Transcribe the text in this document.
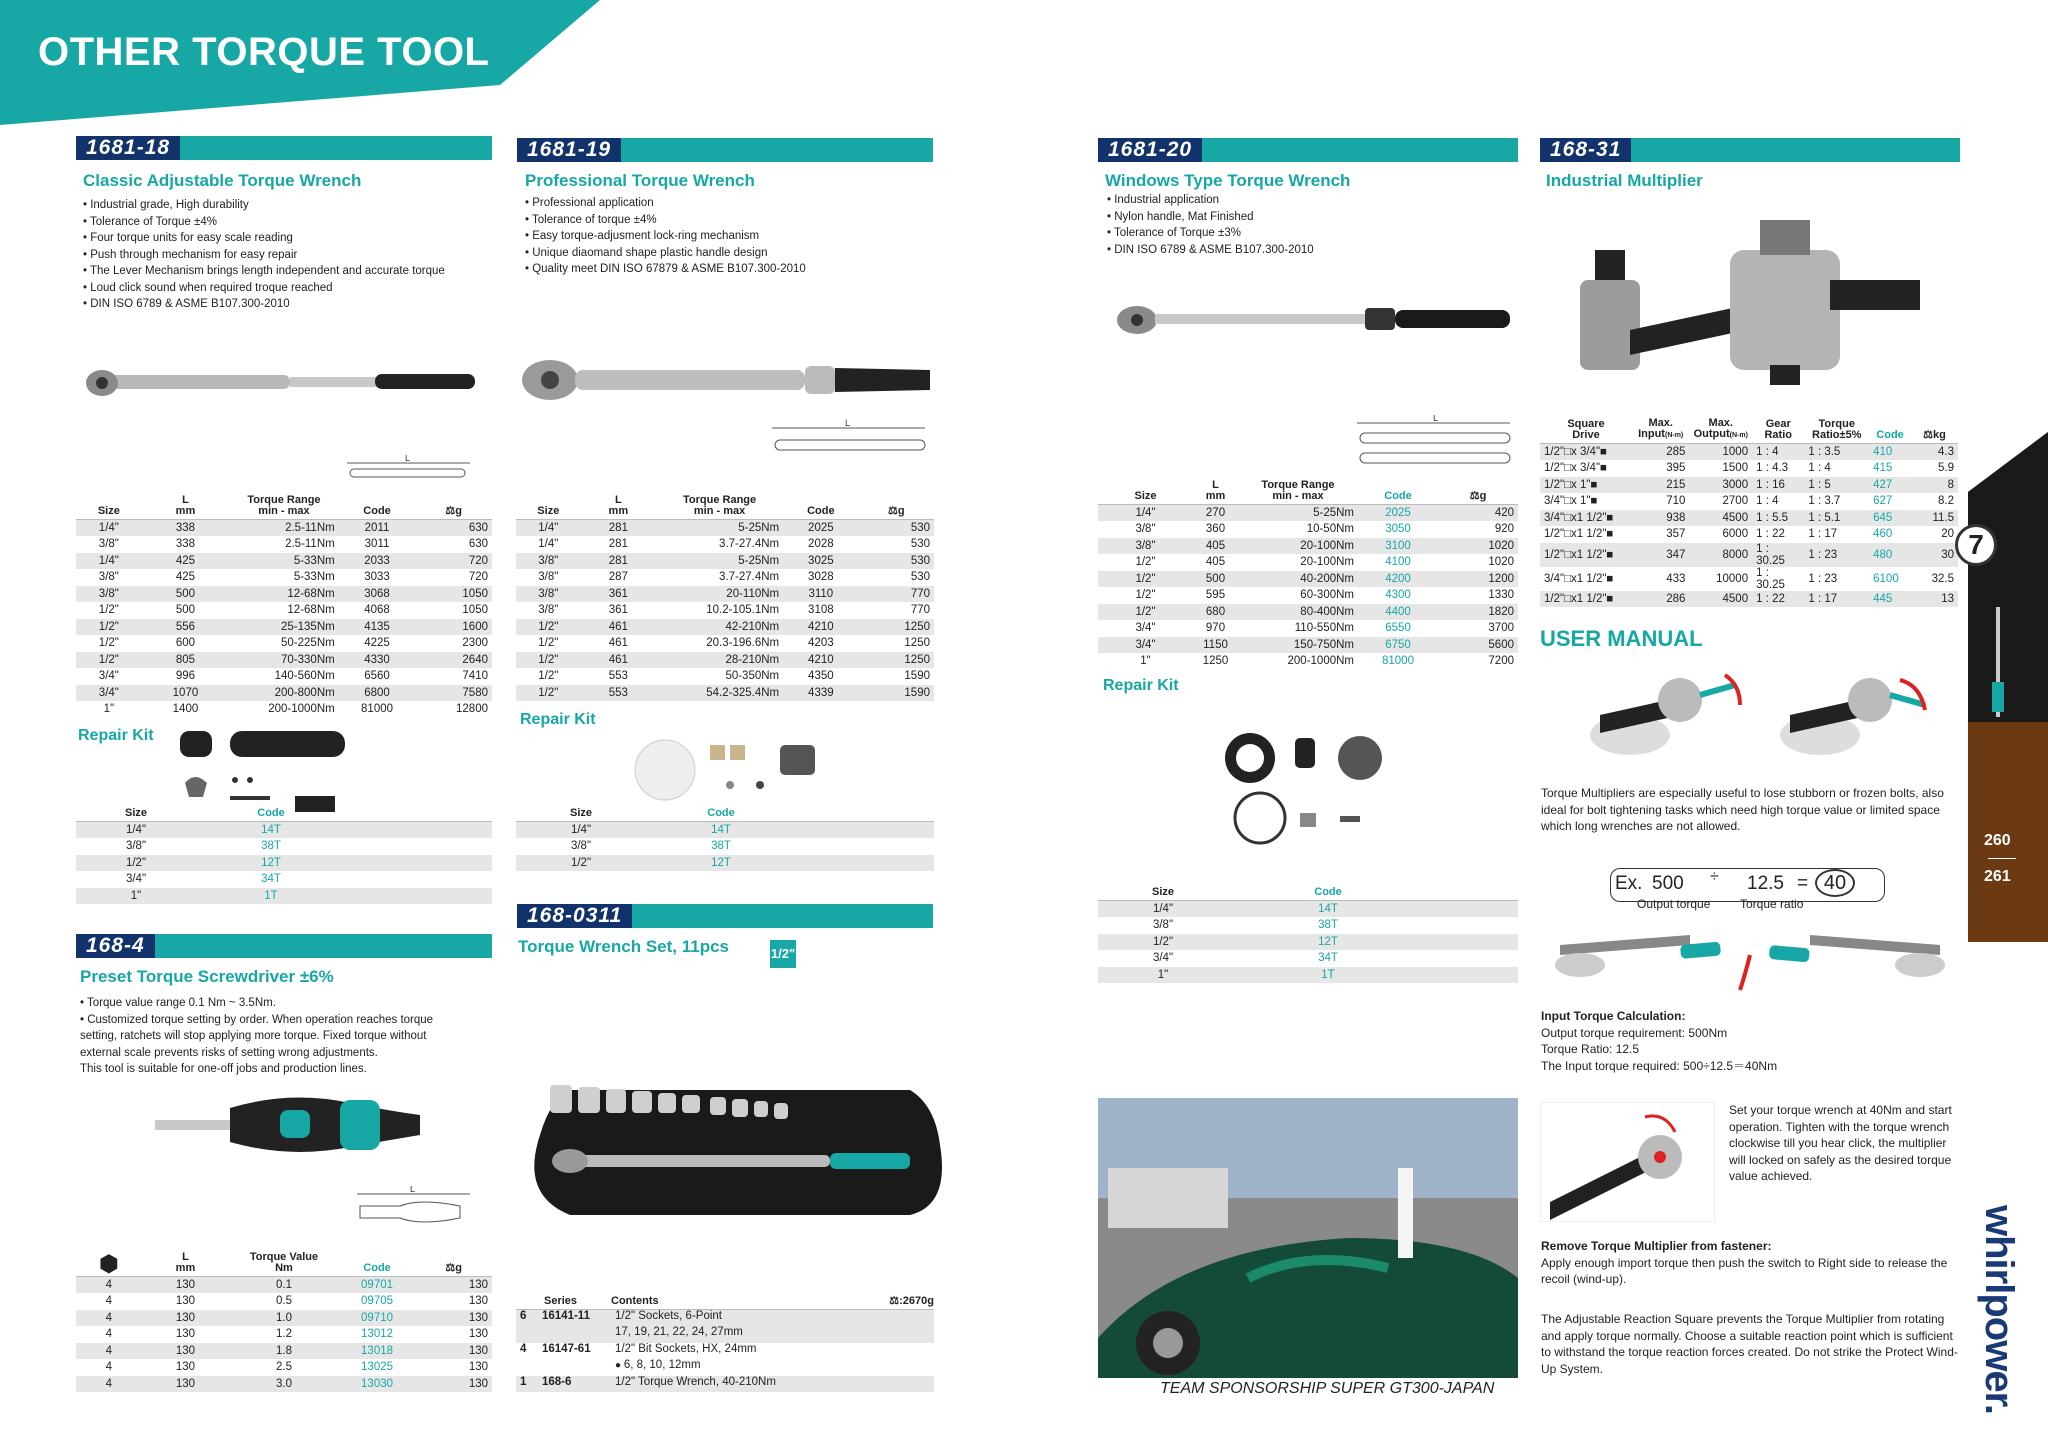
OTHER TORQUE TOOL
1681-18
Classic Adjustable Torque Wrench
• Industrial grade, High durability
• Tolerance of Torque ±4%
• Four torque units for easy scale reading
• Push through mechanism for easy repair
• The Lever Mechanism brings length independent and accurate torque
• Loud click sound when required troque reached
• DIN ISO 6789 & ASME B107.300-2010
L
Size	L
mm	Torque Range
min - max	Code	⚖g
1/4"	338	2.5-11Nm	2011	630
3/8"	338	2.5-11Nm	3011	630
1/4"	425	5-33Nm	2033	720
3/8"	425	5-33Nm	3033	720
3/8"	500	12-68Nm	3068	1050
1/2"	500	12-68Nm	4068	1050
1/2"	556	25-135Nm	4135	1600
1/2"	600	50-225Nm	4225	2300
1/2"	805	70-330Nm	4330	2640
3/4"	996	140-560Nm	6560	7410
3/4"	1070	200-800Nm	6800	7580
1"	1400	200-1000Nm	81000	12800
Repair Kit
Size	Code	
1/4"	14T	
3/8"	38T	
1/2"	12T	
3/4"	34T	
1"	1T	
168-4
Preset Torque Screwdriver ±6%
• Torque value range 0.1 Nm ~ 3.5Nm.
• Customized torque setting by order. When operation reaches torque
setting, ratchets will stop applying more torque. Fixed torque without
external scale prevents risks of setting wrong adjustments.
This tool is suitable for one-off jobs and production lines.
L
⬢	L
mm	Torque Value
Nm	Code	⚖g
4	130	0.1	09701	130
4	130	0.5	09705	130
4	130	1.0	09710	130
4	130	1.2	13012	130
4	130	1.8	13018	130
4	130	2.5	13025	130
4	130	3.0	13030	130
1681-19
Professional Torque Wrench
• Professional application
• Tolerance of torque ±4%
• Easy torque-adjusment lock-ring mechanism
• Unique diaomand shape plastic handle design
• Quality meet DIN ISO 67879 & ASME B107.300-2010
L
Size	L
mm	Torque Range
min - max	Code	⚖g
1/4"	281	5-25Nm	2025	530
1/4"	281	3.7-27.4Nm	2028	530
3/8"	281	5-25Nm	3025	530
3/8"	287	3.7-27.4Nm	3028	530
3/8"	361	20-110Nm	3110	770
3/8"	361	10.2-105.1Nm	3108	770
1/2"	461	42-210Nm	4210	1250
1/2"	461	20.3-196.6Nm	4203	1250
1/2"	461	28-210Nm	4210	1250
1/2"	553	50-350Nm	4350	1590
1/2"	553	54.2-325.4Nm	4339	1590
Repair Kit
Size	Code	
1/4"	14T	
3/8"	38T	
1/2"	12T	
168-0311
Torque Wrench Set, 11pcs	1/2"
Series	Contents	⚖:2670g
6 16141-11	1/2" Sockets, 6-Point	
	17, 19, 21, 22, 24, 27mm	
4 16147-61	1/2" Bit Sockets, HX, 24mm	
	● 6, 8, 10, 12mm	
1 168-6	1/2" Torque Wrench, 40-210Nm	
1681-20
Windows Type Torque Wrench
• Industrial application
• Nylon handle, Mat Finished
• Tolerance of Torque ±3%
• DIN ISO 6789 & ASME B107.300-2010
L
Size	L
mm	Torque Range
min - max	Code	⚖g
1/4"	270	5-25Nm	2025	420
3/8"	360	10-50Nm	3050	920
3/8"	405	20-100Nm	3100	1020
1/2"	405	20-100Nm	4100	1020
1/2"	500	40-200Nm	4200	1200
1/2"	595	60-300Nm	4300	1330
1/2"	680	80-400Nm	4400	1820
3/4"	970	110-550Nm	6550	3700
3/4"	1150	150-750Nm	6750	5600
1"	1250	200-1000Nm	81000	7200
Repair Kit
Size	Code	
1/4"	14T	
3/8"	38T	
1/2"	12T	
3/4"	34T	
1"	1T	
TEAM SPONSORSHIP SUPER GT300-JAPAN
168-31
Industrial Multiplier
Square
Drive	Max.
Input(N-m)	Max.
Output(N-m)	Gear
Ratio	Torque
Ratio±5%	Code	⚖kg
1/2"□x 3/4"■	285	1000	1 : 4	1 : 3.5	410	4.3
1/2"□x 3/4"■	395	1500	1 : 4.3	1 : 4	415	5.9
1/2"□x 1"■	215	3000	1 : 16	1 : 5	427	8
3/4"□x 1"■	710	2700	1 : 4	1 : 3.7	627	8.2
3/4"□x1 1/2"■	938	4500	1 : 5.5	1 : 5.1	645	11.5
1/2"□x1 1/2"■	357	6000	1 : 22	1 : 17	460	20
1/2"□x1 1/2"■	347	8000	1 : 30.25	1 : 23	480	30
3/4"□x1 1/2"■	433	10000	1 : 30.25	1 : 23	6100	32.5
1/2"□x1 1/2"■	286	4500	1 : 22	1 : 17	445	13
USER MANUAL
Torque Multipliers are especially useful to lose stubborn or frozen bolts, also ideal for bolt tightening tasks which need high torque value or limited space which long wrenches are not allowed.
Ex. 500 ÷ 12.5 = 40
Output torque Torque ratio
Input Torque Calculation:
Output torque requirement: 500Nm
Torque Ratio: 12.5
The Input torque required: 500÷12.5＝40Nm
Set your torque wrench at 40Nm and start operation. Tighten with the torque wrench clockwise till you hear click, the multiplier will locked on safely as the desired torque value achieved.
Remove Torque Multiplier from fastener:
Apply enough import torque then push the switch to Right side to release the recoil (wind-up).
The Adjustable Reaction Square prevents the Torque Multiplier from rotating and apply torque normally. Choose a suitable reaction point which is sufficient to withstand the torque reaction forces created. Do not strike the Protect Wind-Up System.
7
260
261
whirlpower.
